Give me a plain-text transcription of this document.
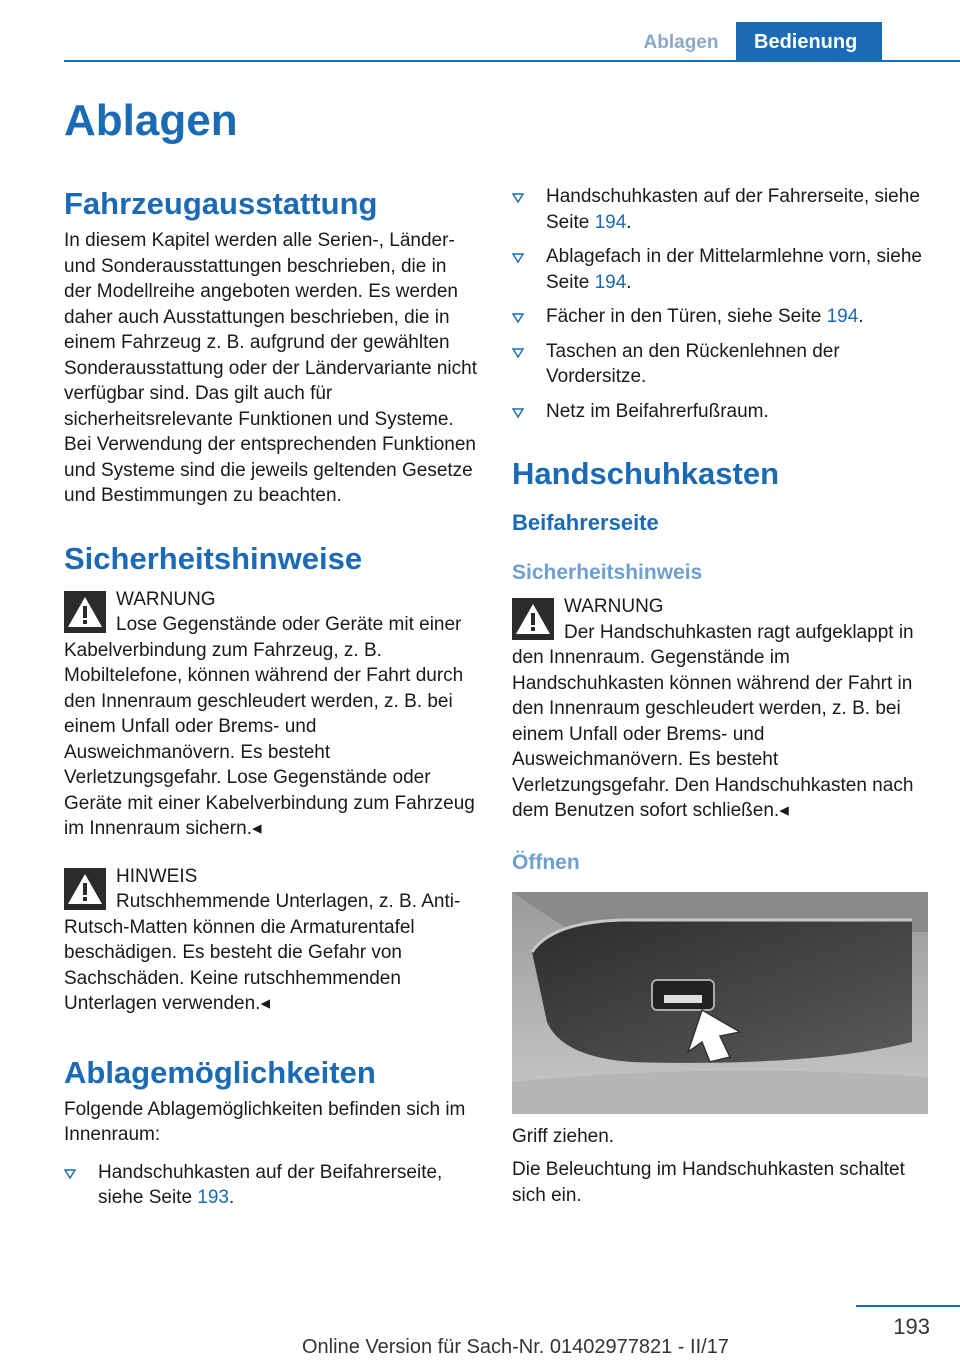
Ablagen	Bedienung
Ablagen
Fahrzeugausstattung

In diesem Kapitel werden alle Serien-, Länder- und Sonderausstattungen beschrieben, die in der Modellreihe angeboten werden. Es werden daher auch Ausstattungen beschrieben, die in einem Fahrzeug z. B. aufgrund der gewählten Sonderausstattung oder der Ländervariante nicht verfügbar sind. Das gilt auch für sicherheitsrelevante Funktionen und Systeme. Bei Verwendung der entsprechenden Funktionen und Systeme sind die jeweils geltenden Gesetze und Bestimmungen zu beachten.

Sicherheitshinweise
WARNUNG
Lose Gegenstände oder Geräte mit einer Kabelverbindung zum Fahrzeug, z. B. Mobiltelefone, können während der Fahrt durch den Innenraum geschleudert werden, z. B. bei einem Unfall oder Brems- und Ausweichmanövern. Es besteht Verletzungsgefahr. Lose Gegenstände oder Geräte mit einer Kabelverbindung zum Fahrzeug im Innenraum sichern.◂
HINWEIS
Rutschhemmende Unterlagen, z. B. Anti-Rutsch-Matten können die Armaturentafel beschädigen. Es besteht die Gefahr von Sachschäden. Keine rutschhemmenden Unterlagen verwenden.◂
Ablagemöglichkeiten

Folgende Ablagemöglichkeiten befinden sich im Innenraum:

Handschuhkasten auf der Beifahrerseite, siehe Seite 193.
Handschuhkasten auf der Fahrerseite, siehe Seite 194.
Ablagefach in der Mittelarmlehne vorn, siehe Seite 194.
Fächer in den Türen, siehe Seite 194.
Taschen an den Rückenlehnen der Vordersitze.
Netz im Beifahrerfußraum.
Handschuhkasten
Beifahrerseite
Sicherheitshinweis
WARNUNG
Der Handschuhkasten ragt aufgeklappt in den Innenraum. Gegenstände im Handschuhkasten können während der Fahrt in den Innenraum geschleudert werden, z. B. bei einem Unfall oder Brems- und Ausweichmanövern. Es besteht Verletzungsgefahr. Den Handschuhkasten nach dem Benutzen sofort schließen.◂
Öffnen

Griff ziehen.

Die Beleuchtung im Handschuhkasten schaltet sich ein.

193
Online Version für Sach-Nr. 01402977821 - II/17
